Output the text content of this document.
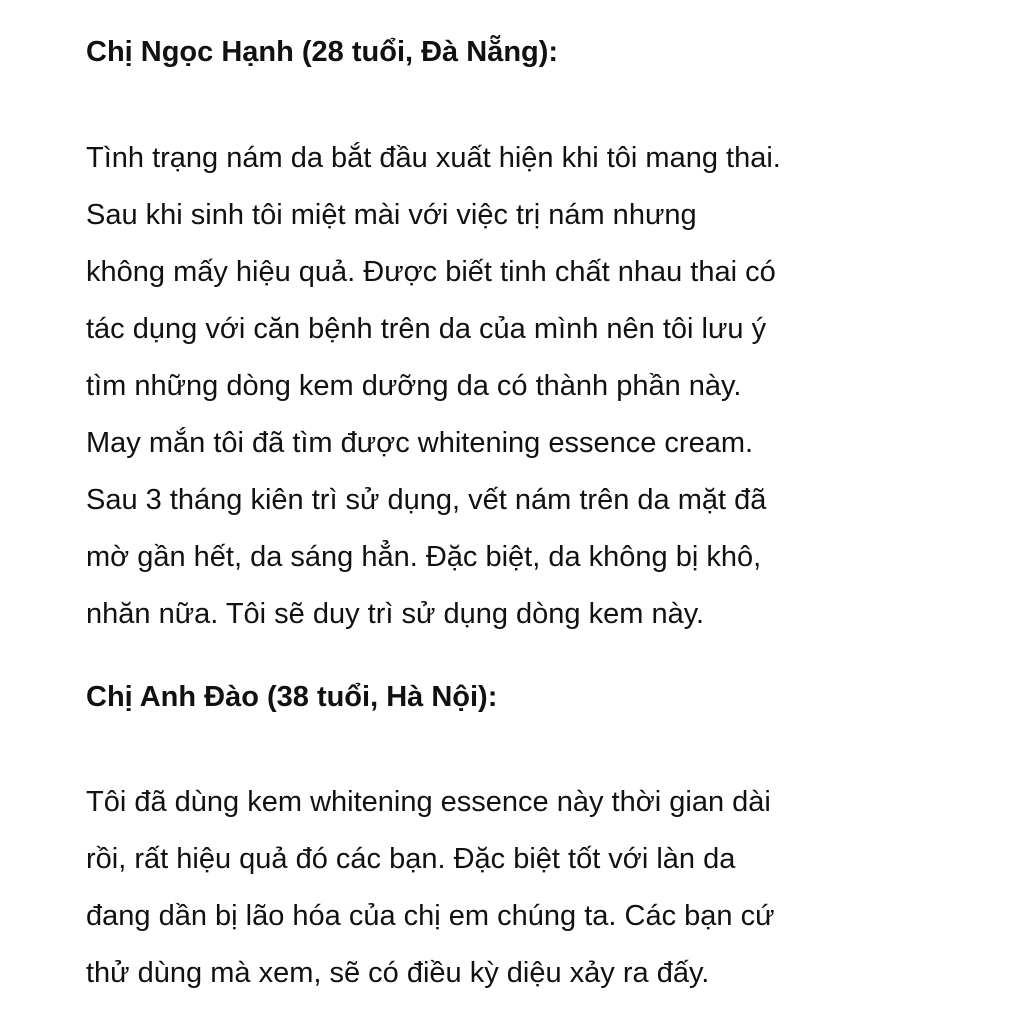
Chị Ngọc Hạnh (28 tuổi, Đà Nẵng):
Tình trạng nám da bắt đầu xuất hiện khi tôi mang thai.
Sau khi sinh tôi miệt mài với việc trị nám nhưng
không mấy hiệu quả. Được biết tinh chất nhau thai có
tác dụng với căn bệnh trên da của mình nên tôi lưu ý
tìm những dòng kem dưỡng da có thành phần này.
May mắn tôi đã tìm được whitening essence cream.
Sau 3 tháng kiên trì sử dụng, vết nám trên da mặt đã
mờ gần hết, da sáng hẳn. Đặc biệt, da không bị khô,
nhăn nữa. Tôi sẽ duy trì sử dụng dòng kem này.
Chị Anh Đào (38 tuổi, Hà Nội):
Tôi đã dùng kem whitening essence này thời gian dài
rồi, rất hiệu quả đó các bạn. Đặc biệt tốt với làn da
đang dần bị lão hóa của chị em chúng ta. Các bạn cứ
thử dùng mà xem, sẽ có điều kỳ diệu xảy ra đấy.
